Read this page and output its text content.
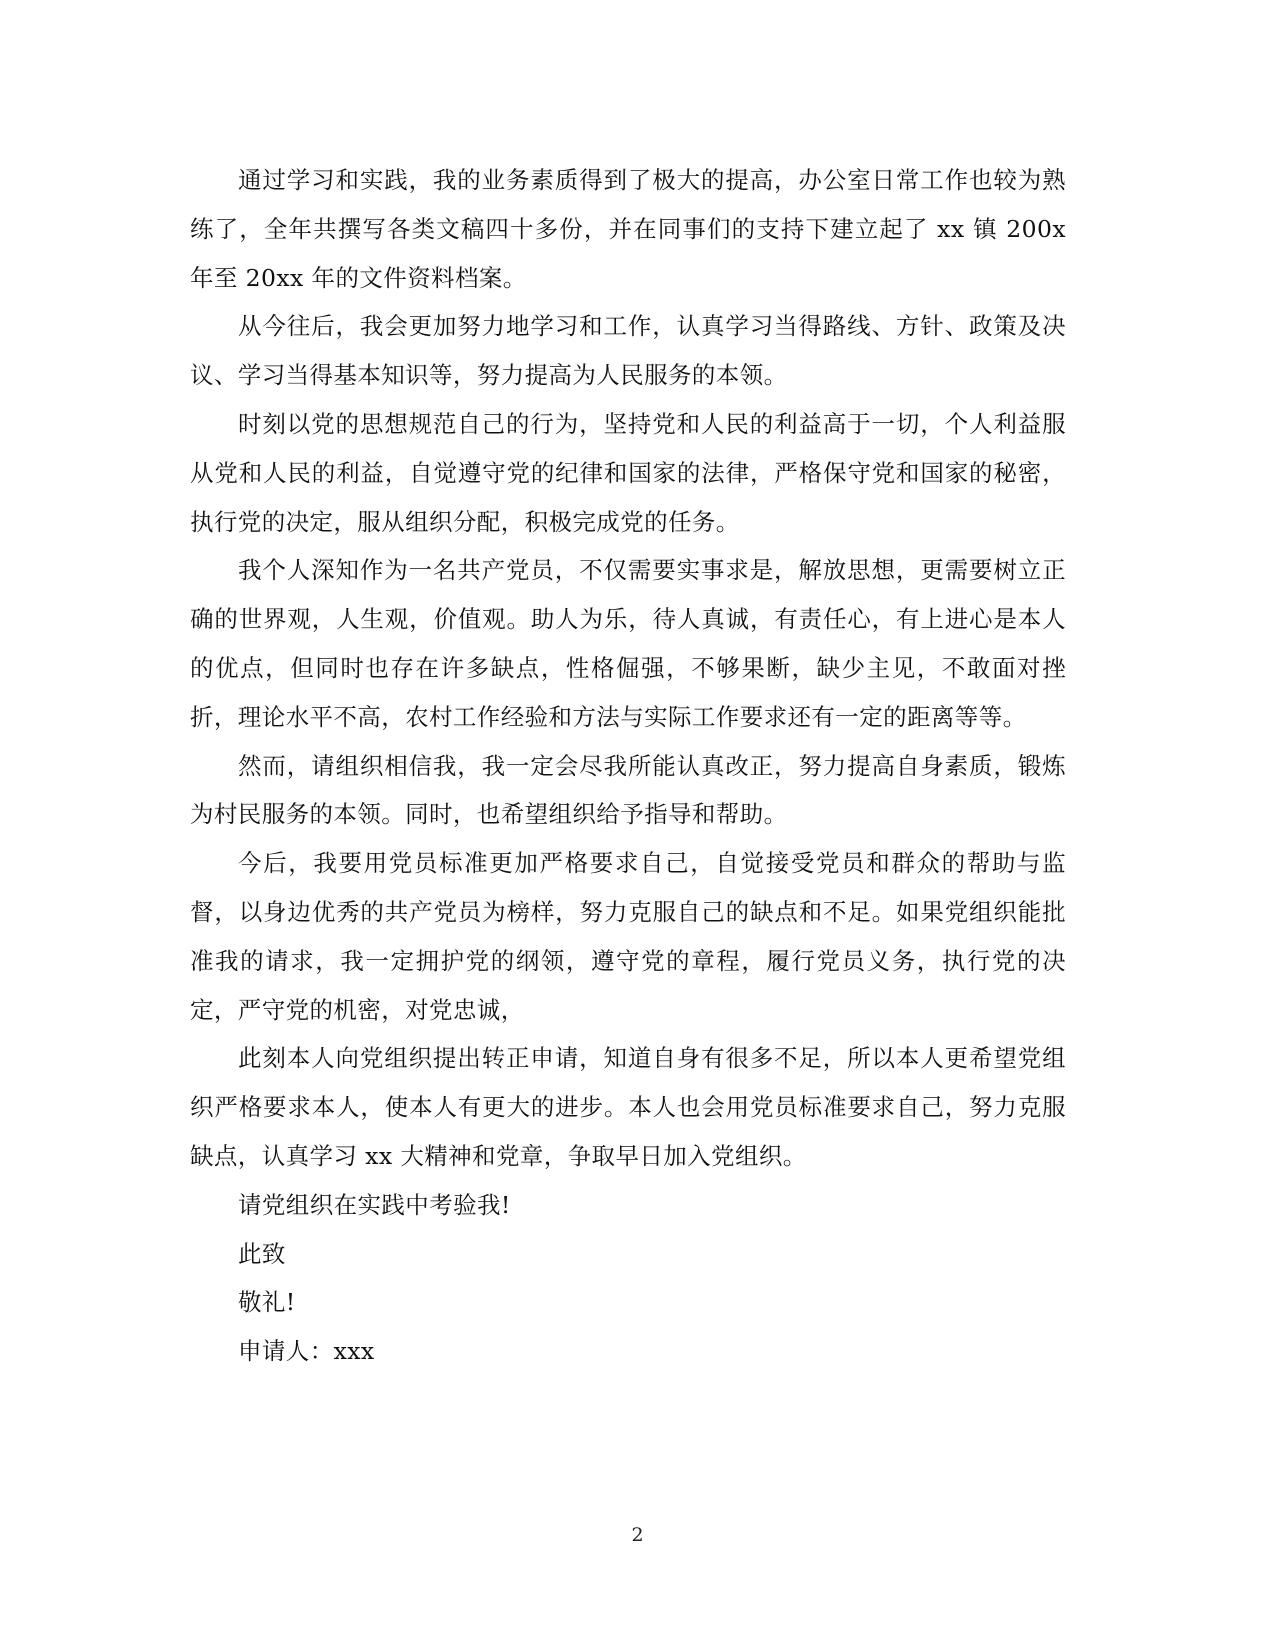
通过学习和实践，我的业务素质得到了极大的提高，办公室日常工作也较为熟练了，全年共撰写各类文稿四十多份，并在同事们的支持下建立起了 xx 镇 200x 年至 20xx 年的文件资料档案。

从今往后，我会更加努力地学习和工作，认真学习当得路线、方针、政策及决议、学习当得基本知识等，努力提高为人民服务的本领。

时刻以党的思想规范自己的行为，坚持党和人民的利益高于一切，个人利益服从党和人民的利益，自觉遵守党的纪律和国家的法律，严格保守党和国家的秘密，执行党的决定，服从组织分配，积极完成党的任务。

我个人深知作为一名共产党员，不仅需要实事求是，解放思想，更需要树立正确的世界观，人生观，价值观。助人为乐，待人真诚，有责任心，有上进心是本人的优点，但同时也存在许多缺点，性格倔强，不够果断，缺少主见，不敢面对挫折，理论水平不高，农村工作经验和方法与实际工作要求还有一定的距离等等。

然而，请组织相信我，我一定会尽我所能认真改正，努力提高自身素质，锻炼为村民服务的本领。同时，也希望组织给予指导和帮助。

今后，我要用党员标准更加严格要求自己，自觉接受党员和群众的帮助与监督，以身边优秀的共产党员为榜样，努力克服自己的缺点和不足。如果党组织能批准我的请求，我一定拥护党的纲领，遵守党的章程，履行党员义务，执行党的决定，严守党的机密，对党忠诚，

此刻本人向党组织提出转正申请，知道自身有很多不足，所以本人更希望党组织严格要求本人，使本人有更大的进步。本人也会用党员标准要求自己，努力克服缺点，认真学习 xx 大精神和党章，争取早日加入党组织。

请党组织在实践中考验我!

此致

敬礼!

申请人：xxx

2
